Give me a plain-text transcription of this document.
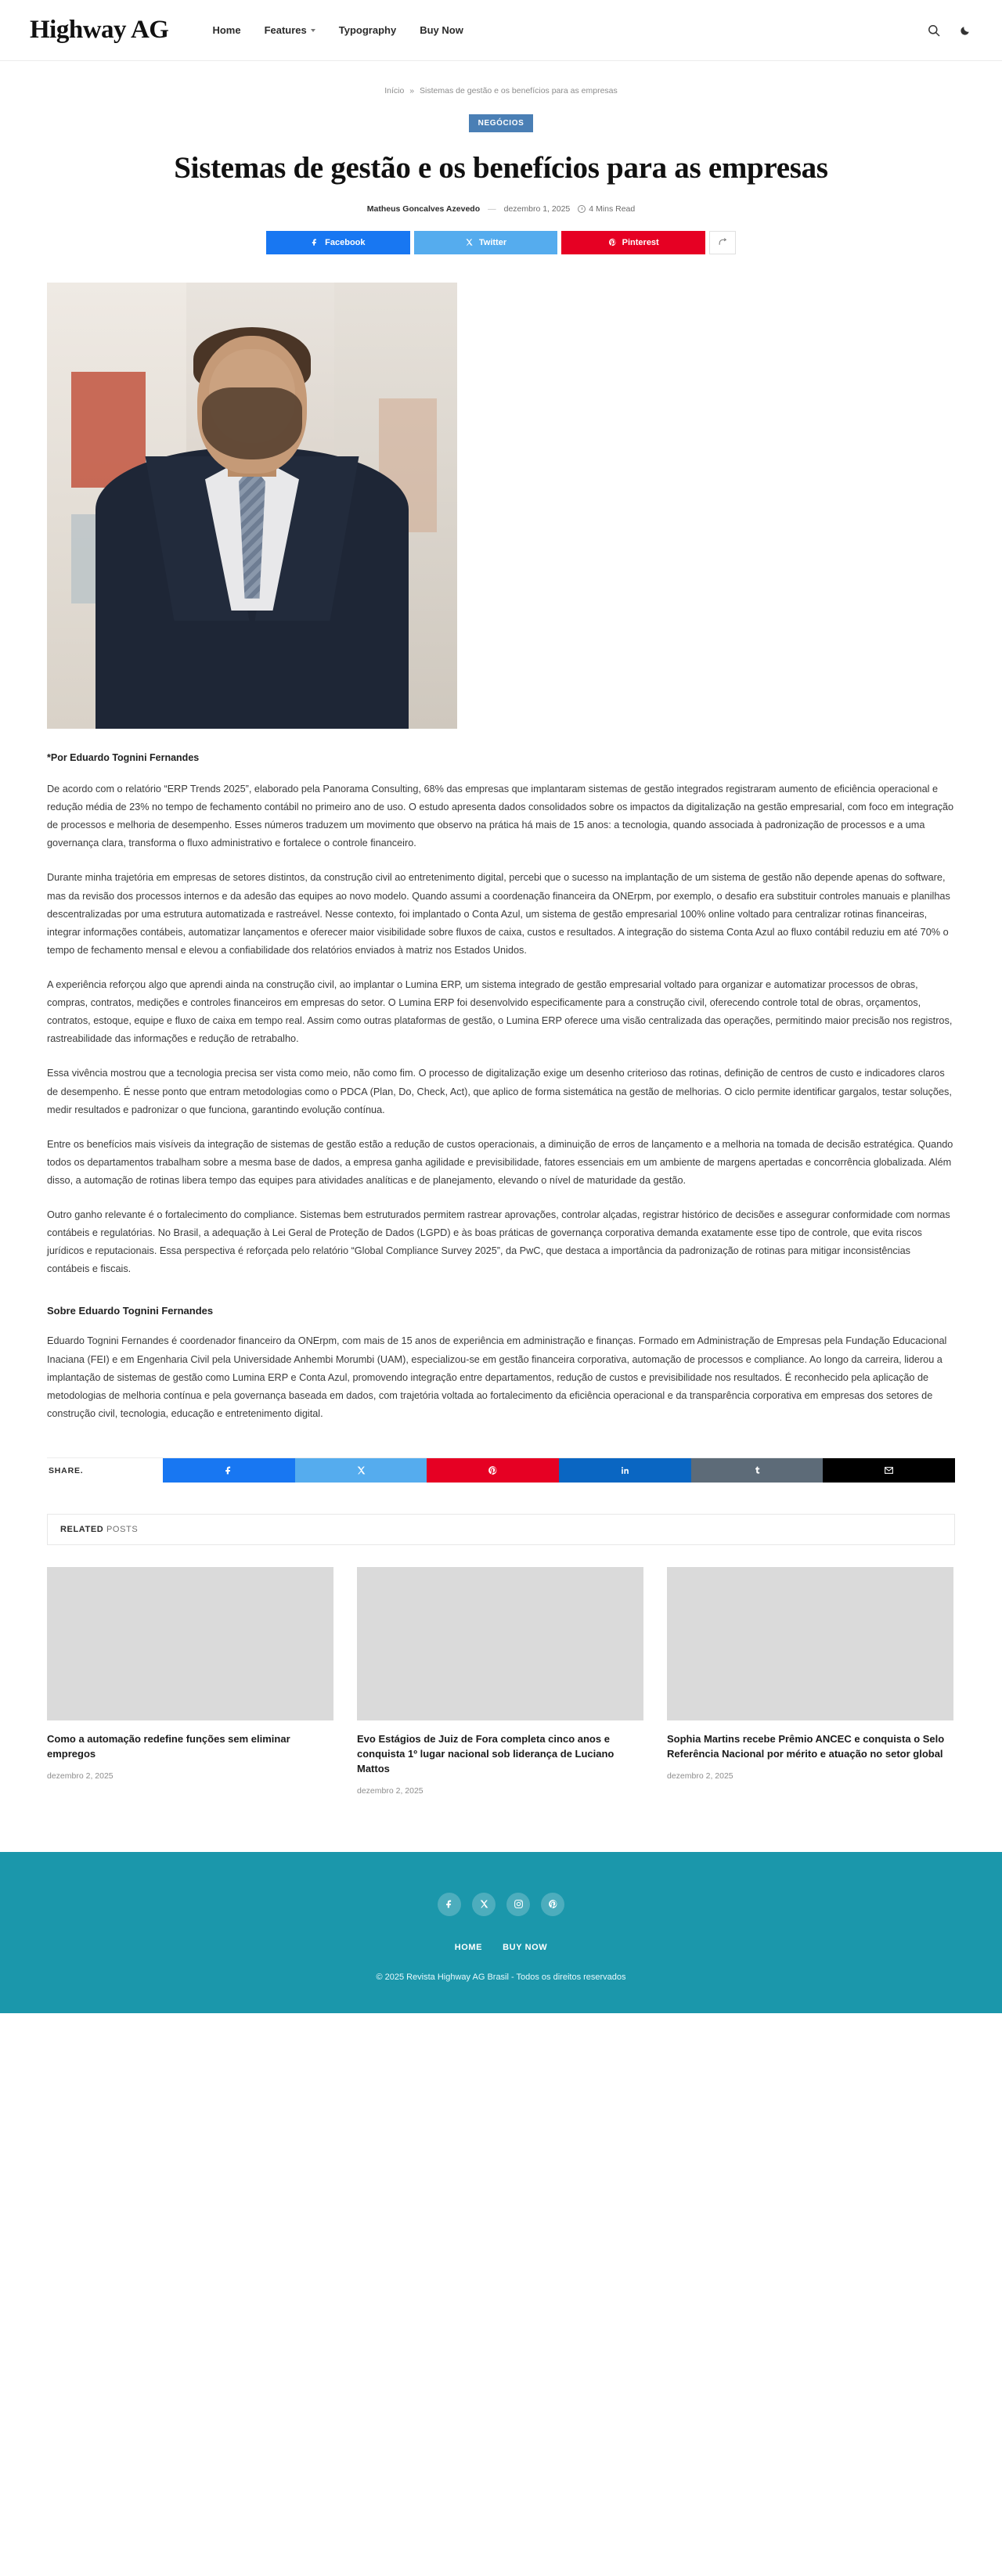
Highway AG	Home Features	Typography Buy Now
Início » Sistemas de gestão e os benefícios para as empresas
NEGÓCIOS
Sistemas de gestão e os benefícios para as empresas
Matheus Goncalves Azevedo — dezembro 1, 2025 4 Mins Read
Facebook	Twitter	Pinterest
*Por Eduardo Tognini Fernandes

De acordo com o relatório “ERP Trends 2025”, elaborado pela Panorama Consulting, 68% das empresas que implantaram sistemas de gestão integrados registraram aumento de eficiência operacional e redução média de 23% no tempo de fechamento contábil no primeiro ano de uso. O estudo apresenta dados consolidados sobre os impactos da digitalização na gestão empresarial, com foco em integração de processos e melhoria de desempenho. Esses números traduzem um movimento que observo na prática há mais de 15 anos: a tecnologia, quando associada à padronização de processos e a uma governança clara, transforma o fluxo administrativo e fortalece o controle financeiro.

Durante minha trajetória em empresas de setores distintos, da construção civil ao entretenimento digital, percebi que o sucesso na implantação de um sistema de gestão não depende apenas do software, mas da revisão dos processos internos e da adesão das equipes ao novo modelo. Quando assumi a coordenação financeira da ONErpm, por exemplo, o desafio era substituir controles manuais e planilhas descentralizadas por uma estrutura automatizada e rastreável. Nesse contexto, foi implantado o Conta Azul, um sistema de gestão empresarial 100% online voltado para centralizar rotinas financeiras, integrar informações contábeis, automatizar lançamentos e oferecer maior visibilidade sobre fluxos de caixa, custos e resultados. A integração do sistema Conta Azul ao fluxo contábil reduziu em até 70% o tempo de fechamento mensal e elevou a confiabilidade dos relatórios enviados à matriz nos Estados Unidos.

A experiência reforçou algo que aprendi ainda na construção civil, ao implantar o Lumina ERP, um sistema integrado de gestão empresarial voltado para organizar e automatizar processos de obras, compras, contratos, medições e controles financeiros em empresas do setor. O Lumina ERP foi desenvolvido especificamente para a construção civil, oferecendo controle total de obras, orçamentos, contratos, estoque, equipe e fluxo de caixa em tempo real. Assim como outras plataformas de gestão, o Lumina ERP oferece uma visão centralizada das operações, permitindo maior precisão nos registros, rastreabilidade das informações e redução de retrabalho.

Essa vivência mostrou que a tecnologia precisa ser vista como meio, não como fim. O processo de digitalização exige um desenho criterioso das rotinas, definição de centros de custo e indicadores claros de desempenho. É nesse ponto que entram metodologias como o PDCA (Plan, Do, Check, Act), que aplico de forma sistemática na gestão de melhorias. O ciclo permite identificar gargalos, testar soluções, medir resultados e padronizar o que funciona, garantindo evolução contínua.

Entre os benefícios mais visíveis da integração de sistemas de gestão estão a redução de custos operacionais, a diminuição de erros de lançamento e a melhoria na tomada de decisão estratégica. Quando todos os departamentos trabalham sobre a mesma base de dados, a empresa ganha agilidade e previsibilidade, fatores essenciais em um ambiente de margens apertadas e concorrência globalizada. Além disso, a automação de rotinas libera tempo das equipes para atividades analíticas e de planejamento, elevando o nível de maturidade da gestão.

Outro ganho relevante é o fortalecimento do compliance. Sistemas bem estruturados permitem rastrear aprovações, controlar alçadas, registrar histórico de decisões e assegurar conformidade com normas contábeis e regulatórias. No Brasil, a adequação à Lei Geral de Proteção de Dados (LGPD) e às boas práticas de governança corporativa demanda exatamente esse tipo de controle, que evita riscos jurídicos e reputacionais. Essa perspectiva é reforçada pelo relatório “Global Compliance Survey 2025”, da PwC, que destaca a importância da padronização de rotinas para mitigar inconsistências contábeis e fiscais.

Sobre Eduardo Tognini Fernandes

Eduardo Tognini Fernandes é coordenador financeiro da ONErpm, com mais de 15 anos de experiência em administração e finanças. Formado em Administração de Empresas pela Fundação Educacional Inaciana (FEI) e em Engenharia Civil pela Universidade Anhembi Morumbi (UAM), especializou-se em gestão financeira corporativa, automação de processos e compliance. Ao longo da carreira, liderou a implantação de sistemas de gestão como Lumina ERP e Conta Azul, promovendo integração entre departamentos, redução de custos e previsibilidade nos resultados. É reconhecido pela aplicação de metodologias de melhoria contínua e pela governança baseada em dados, com trajetória voltada ao fortalecimento da eficiência operacional e da transparência corporativa em empresas dos setores de construção civil, tecnologia, educação e entretenimento digital.

SHARE.
RELATED POSTS
Como a automação redefine funções sem eliminar empregos
dezembro 2, 2025
Evo Estágios de Juiz de Fora completa cinco anos e conquista 1º lugar nacional sob liderança de Luciano Mattos
dezembro 2, 2025
Sophia Martins recebe Prêmio ANCEC e conquista o Selo Referência Nacional por mérito e atuação no setor global
dezembro 2, 2025
HOME BUY NOW
© 2025 Revista Highway AG Brasil - Todos os direitos reservados
